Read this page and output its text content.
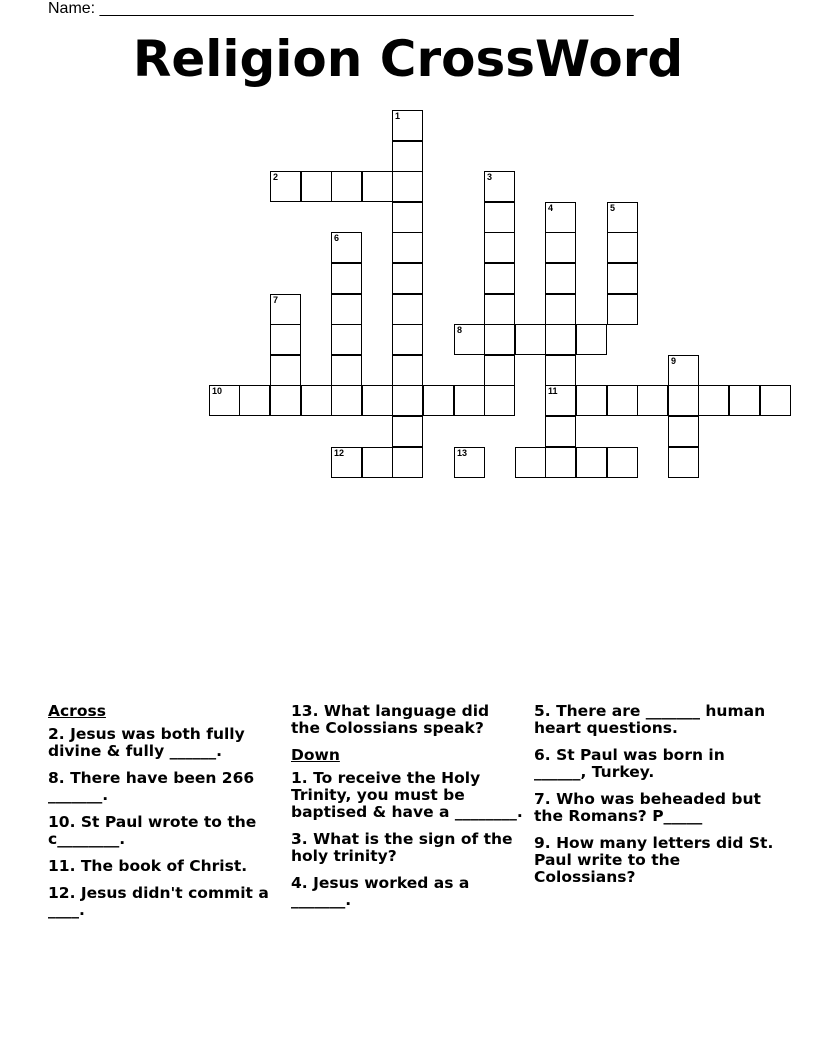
Name: ____________________________________________________________
Religion CrossWord
1
2	3
4	5
6
7
8
9
10	11
12	13
Across
2. Jesus was both fully divine & fully ______.
8. There have been 266 _______.
10. St Paul wrote to the c________.
11. The book of Christ.
12. Jesus didn't commit a ____.
13. What language did the Colossians speak?
Down
1. To receive the Holy Trinity, you must be baptised & have a ________.
3. What is the sign of the holy trinity?
4. Jesus worked as a _______.
5. There are _______ human heart questions.
6. St Paul was born in ______, Turkey.
7. Who was beheaded but the Romans? P_____
9. How many letters did St. Paul write to the Colossians?
